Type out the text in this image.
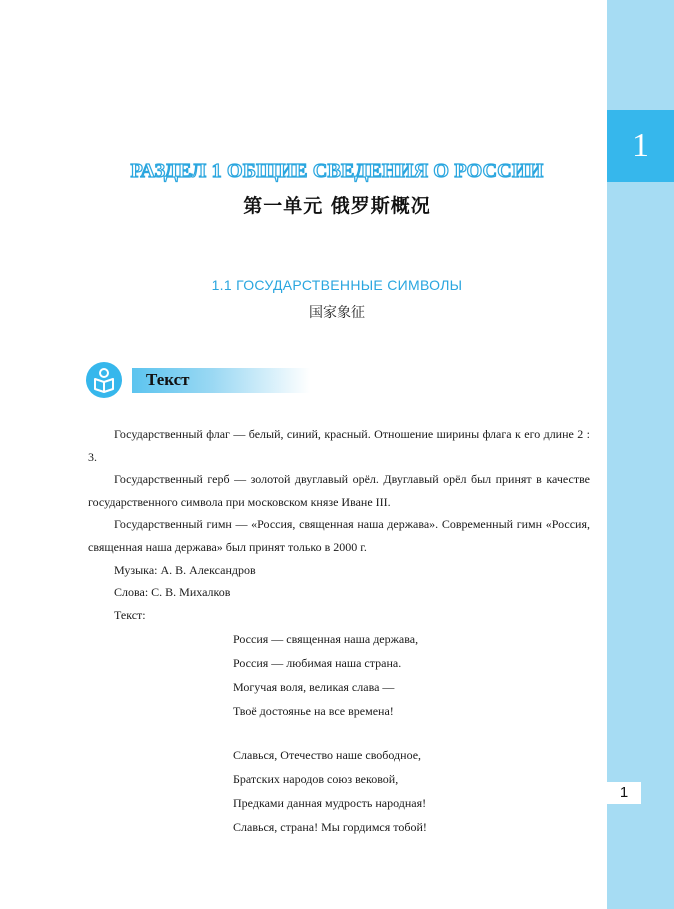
1
1
РАЗДЕЛ 1 ОБЩИЕ СВЕДЕНИЯ О РОССИИ
第一单元 俄罗斯概况
1.1 ГОСУДАРСТВЕННЫЕ СИМВОЛЫ
国家象征
Текст

Государственный флаг — белый, синий, красный. Отношение ширины флага к его длине 2 : 3.

Государственный герб — золотой двуглавый орёл. Двуглавый орёл был принят в качестве государственного символа при московском князе Иване III.

Государственный гимн — «Россия, священная наша держава». Современный гимн «Россия, священная наша держава» был принят только в 2000 г.

Музыка: А. В. Александров

Слова: С. В. Михалков

Текст:

Россия — священная наша держава,
Россия — любимая наша страна.
Могучая воля, великая слава —
Твоё достоянье на все времена!
Славься, Отечество наше свободное,
Братских народов союз вековой,
Предками данная мудрость народная!
Славься, страна! Мы гордимся тобой!
